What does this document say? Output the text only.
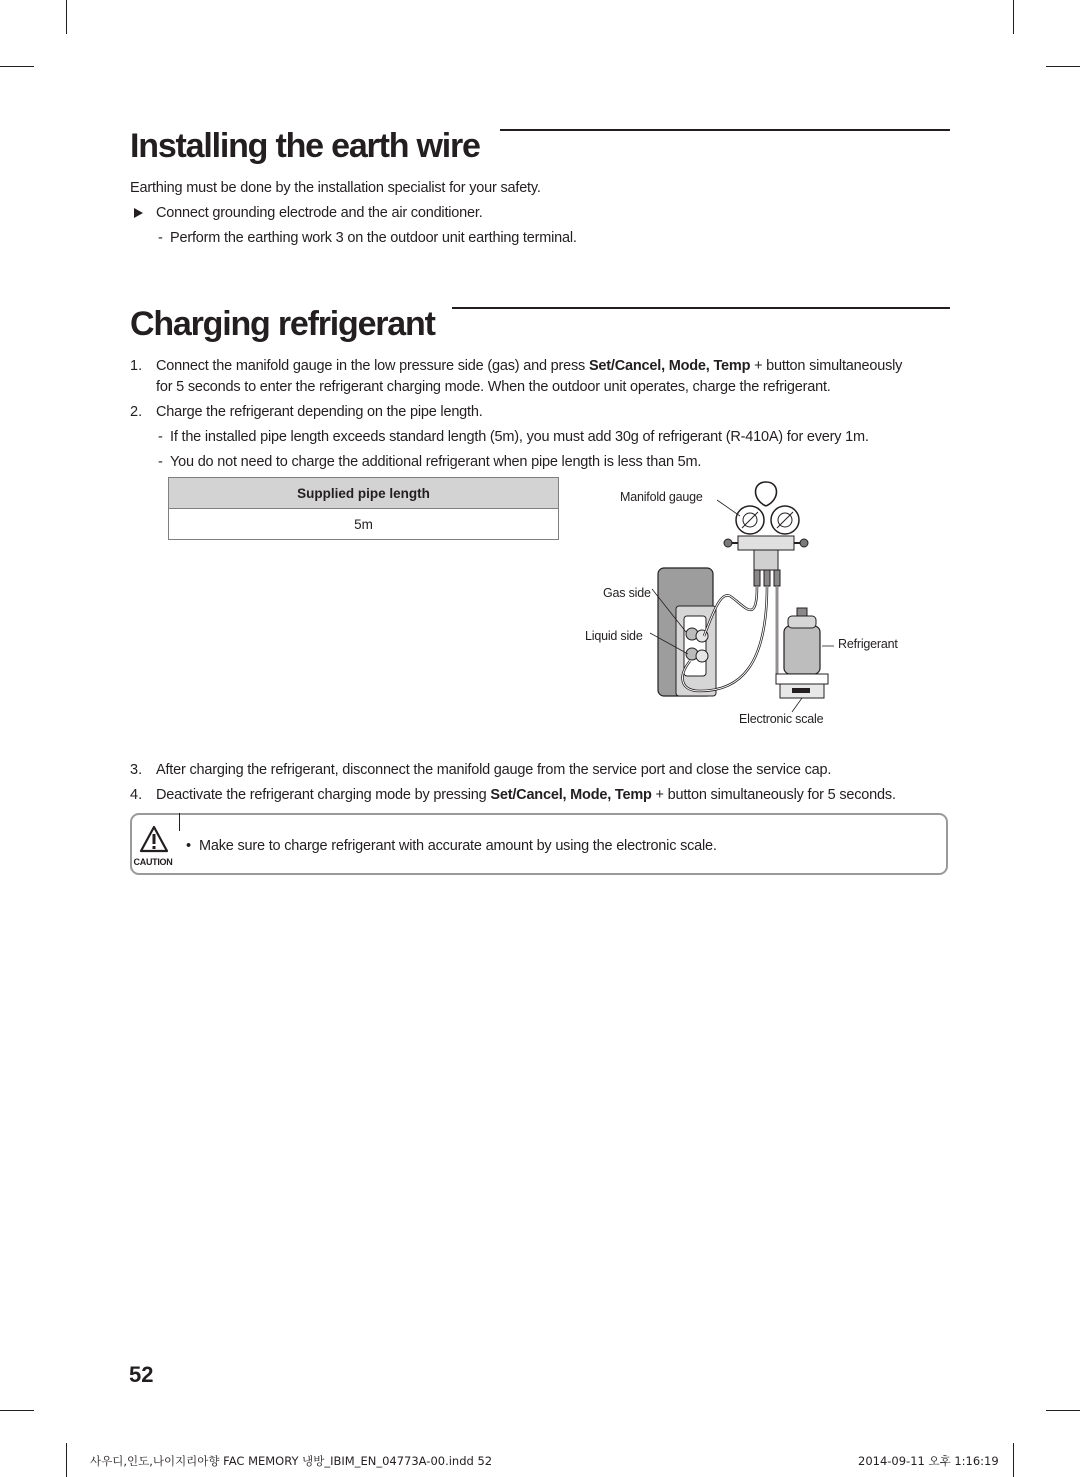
Installing the earth wire
Earthing must be done by the installation specialist for your safety.
Connect grounding electrode and the air conditioner.
- Perform the earthing work 3 on the outdoor unit earthing terminal.
Charging refrigerant
1. Connect the manifold gauge in the low pressure side (gas) and press Set/Cancel, Mode, Temp + button simultaneously
for 5 seconds to enter the refrigerant charging mode. When the outdoor unit operates, charge the refrigerant.
2. Charge the refrigerant depending on the pipe length.
- If the installed pipe length exceeds standard length (5m), you must add 30g of refrigerant (R-410A) for every 1m.
- You do not need to charge the additional refrigerant when pipe length is less than 5m.
Supplied pipe length
5m
Manifold gauge
Gas side
Liquid side
Refrigerant
Electronic scale
3. After charging the refrigerant, disconnect the manifold gauge from the service port and close the service cap.
4. Deactivate the refrigerant charging mode by pressing Set/Cancel, Mode, Temp + button simultaneously for 5 seconds.
CAUTION
• Make sure to charge refrigerant with accurate amount by using the electronic scale.
52
사우디,인도,나이지리아향 FAC MEMORY 냉방_IBIM_EN_04773A-00.indd 52	2014-09-11 오후 1:16:19
